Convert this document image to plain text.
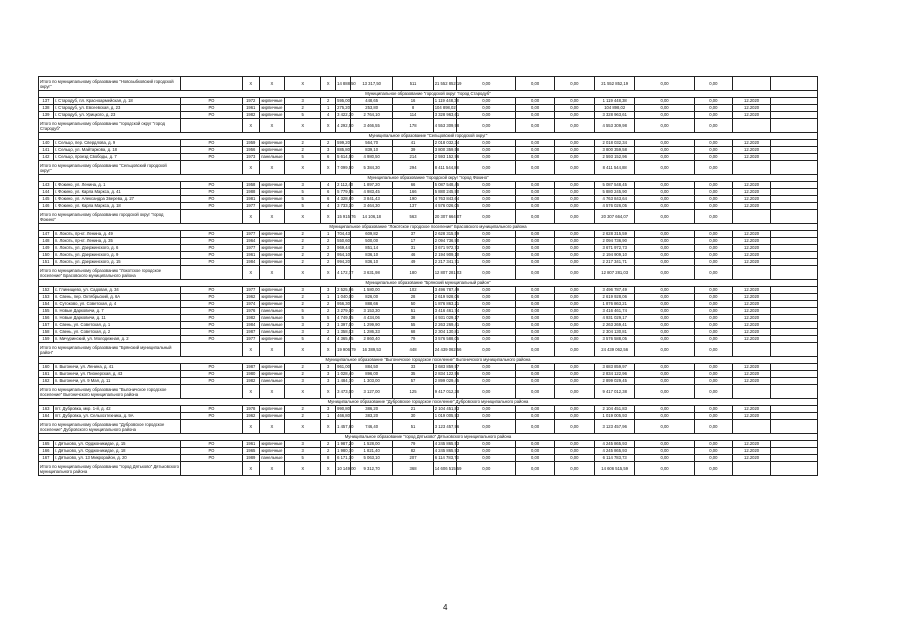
Итого по муниципальному образованию "Новозыбковский городской округ"			X	X	X	X	14 888,50	13 317,50	511	21 552 852,19	0,00	0,00	0,00	21 552 852,19	0,00	0,00		
Муниципальное образование "городской округ "город Стародуб"																		
137	г. Стародуб, пл. Красноармейская, д. 18	РО	1972	кирпичные	3	2	595,00	448,65	16	1 119 448,38	0,00	0,00	0,00	1 119 448,38	0,00	0,00	12.2020	
138	г. Стародуб, ул. Евсеевская, д. 23	РО	1961	кирпичные	2	1	275,20	253,80	8	104 898,02	0,00	0,00	0,00	104 898,02	0,00	0,00	12.2020	
139	г. Стародуб, ул. Урицкого, д. 23	РО	1982	кирпичные	5	4	3 422,30	2 764,10	114	3 328 963,61	0,00	0,00	0,00	3 328 963,61	0,00	0,00	12.2020	
Итого по муниципальному образованию "городской округ "город Стародуб"			X	X	X	X	4 292,50	3 466,55	178	4 553 309,98	0,00	0,00	0,00	4 553 309,98	0,00	0,00		
Муниципальное образование "Сельцовский городской округ"																		
140	г. Сельцо, пер. Свердлова, д. 9	РО	1959	кирпичные	2	2	599,20	564,70	41	2 018 032,34	0,00	0,00	0,00	2 018 032,34	0,00	0,00	12.2020	
141	г. Сельцо, ул. Майтаркова, д. 18	РО	1956	кирпичные	2	3	885,80	839,10	39	3 800 359,58	0,00	0,00	0,00	3 800 359,58	0,00	0,00	12.2020	
142	г. Сельцо, проезд Свободы, д. 7	РО	1973	панельные	5	6	5 614,50	4 980,50	214	2 593 152,96	0,00	0,00	0,00	2 593 152,96	0,00	0,00	12.2020	
Итого по муниципальному образованию "Сельцовский городской округ"			X	X	X	X	7 099,50	5 384,30	294	8 411 544,88	0,00	0,00	0,00	8 411 544,88	0,00	0,00		
Муниципальное образование "городской округ "город Фокино"																		
143	г. Фокино, ул. Ленина, д. 1	РО	1958	кирпичные	3	4	2 112,40	1 897,20	66	5 087 548,45	0,00	0,00	0,00	5 087 548,45	0,00	0,00	12.2020	
144	г. Фокино, ул. Карла Маркса, д. 41	РО	1988	кирпичные	5	6	5 779,95	4 983,45	166	5 880 245,90	0,00	0,00	0,00	5 880 245,90	0,00	0,00	12.2020	
145	г. Фокино, ул. Александра Зверева, д. 27	РО	1981	кирпичные	5	6	4 328,80	3 841,43	190	4 763 843,64	0,00	0,00	0,00	4 763 843,64	0,00	0,00	12.2020	
146	г. Фокино, ул. Карла Маркса, д. 18	РО	1977	кирпичные	5	4	3 733,10	3 464,30	137	4 576 026,05	0,00	0,00	0,00	4 576 026,05	0,00	0,00	12.2020	
Итого по муниципальному образованию городской округ "город Фокино"			X	X	X	X	15 915,76	14 106,18	563	20 307 664,07	0,00	0,00	0,00	20 307 664,07	0,00	0,00		
Муниципальное образование "Локотское городское поселение" Брасовского муниципального района																		
147	п. Локоть, пр-кт. Ленина, д. 49	РО	1977	кирпичные	2	1	704,43	609,82	37	2 628 315,59	0,00	0,00	0,00	2 628 315,59	0,00	0,00	12.2020	
148	п. Локоть, пр-кт. Ленина, д. 35	РО	1964	кирпичные	2	2	550,60	500,00	17	2 094 736,90	0,00	0,00	0,00	2 094 736,90	0,00	0,00	12.2020	
149	п. Локоть, ул. Дзержинского, д. 6	РО	1977	кирпичные	2	2	969,44	851,14	31	3 671 972,73	0,00	0,00	0,00	3 671 972,73	0,00	0,00	12.2020	
150	п. Локоть, ул. Дзержинского, д. 9	РО	1961	кирпичные	2	2	954,10	836,10	46	2 194 909,10	0,00	0,00	0,00	2 194 909,10	0,00	0,00	12.2020	
151	п. Локоть, ул. Дзержинского, д. 15	РО	1984	кирпичные	2	2	994,20	836,10	49	2 217 341,71	0,00	0,00	0,00	2 217 341,71	0,00	0,00	12.2020	
Итого по муниципальному образованию "Локотское городское поселение" Брасовского муниципального района			X	X	X	X	4 172,77	3 631,98	180	12 807 281,03	0,00	0,00	0,00	12 807 281,03	0,00	0,00		
Муниципальное образование "Брянский муниципальный район"																		
152	с. Глинищево, ул. Садовая, д. 34	РО	1977	кирпичные	3	3	2 525,96	1 580,00	102	3 496 787,49	0,00	0,00	0,00	3 496 787,49	0,00	0,00	12.2020	
153	п. Свень, пер. Октябрьский, д. 6А	РО	1962	кирпичные	2	1	1 040,00	826,00	28	2 619 928,06	0,00	0,00	0,00	2 619 928,06	0,00	0,00	12.2020	
154	п. Сутоково, ул. Советская, д. 4	РО	1974	кирпичные	2	2	956,30	888,66	50	1 876 863,21	0,00	0,00	0,00	1 876 863,21	0,00	0,00	12.2020	
155	п. Новые Дарковичи, д. 7	РО	1976	панельные	5	2	3 279,00	3 153,30	51	3 416 461,74	0,00	0,00	0,00	3 416 461,74	0,00	0,00	12.2020	
156	п. Новые Дарковичи, д. 11	РО	1982	панельные	5	5	4 749,55	4 434,06	38	4 931 029,17	0,00	0,00	0,00	4 931 029,17	0,00	0,00	12.2020	
157	п. Свень, ул. Советская, д. 1	РО	1984	панельные	3	2	1 397,00	1 299,90	55	2 263 269,41	0,00	0,00	0,00	2 263 269,41	0,00	0,00	12.2020	
158	п. Свень, ул. Советская, д. 2	РО	1987	панельные	3	2	1 358,03	1 286,33	68	2 304 130,81	0,00	0,00	0,00	2 304 130,81	0,00	0,00	12.2020	
159	п. Мичуринский, ул. Молодежная, д. 2	РО	1977	кирпичные	5	4	4 365,85	2 860,40	79	3 576 588,05	0,00	0,00	0,00	3 576 588,05	0,00	0,00	12.2020	
Итого по муниципальному образованию "Брянский муниципальный район"			X	X	X	X	19 906,79	16 389,53	448	24 439 062,56	0,00	0,00	0,00	24 439 062,56	0,00	0,00		
Муниципальное образование "Выгоничское городское поселение" Выгоничского муниципального района																		
160	п. Выгоничи, ул. Ленина, д. 41	РО	1987	кирпичные	2	3	961,00	884,50	33	3 683 859,97	0,00	0,00	0,00	3 683 859,97	0,00	0,00	12.2020	
161	п. Выгоничи, ул. Пионерская, д. 43	РО	1980	кирпичные	2	3	1 028,40	896,00	35	2 834 122,96	0,00	0,00	0,00	2 834 122,96	0,00	0,00	12.2020	
162	п. Выгоничи, ул. 9 Мая, д. 11	РО	1982	панельные	3	3	1 484,70	1 303,00	57	2 899 029,45	0,00	0,00	0,00	2 899 029,45	0,00	0,00	12.2020	
Итого по муниципальному образованию "Выгоничское городское поселение" Выгоничского муниципального района			X	X	X	X	3 473,00	3 127,00	125	9 417 012,38	0,00	0,00	0,00	9 417 012,38	0,00	0,00		
Муниципальное образование "Дубровское городское поселение" Дубровского муниципального района																		
163	пгт. Дубровка, мкр. 1-й, д. 42	РО	1978	кирпичные	2	3	990,80	386,20	21	2 104 451,83	0,00	0,00	0,00	2 104 451,83	0,00	0,00	12.2020	
164	пгт. Дубровка, ул. Сельхозтехника, д. 9А	РО	1962	кирпичные	2	1	466,80	383,20	30	1 019 005,93	0,00	0,00	0,00	1 019 005,93	0,00	0,00	12.2020	
Итого по муниципальному образованию "Дубровское городское поселение" Дубровского муниципального района			X	X	X	X	1 457,60	746,40	51	3 123 457,96	0,00	0,00	0,00	3 123 457,96	0,00	0,00		
Муниципальное образование "город Дятьково" Дятьковского муниципального района																		
165	г. Дятьково, ул. Орджоникидзе, д. 15	РО	1961	кирпичные	3	2	1 987,20	1 528,00	79	4 245 865,93	0,00	0,00	0,00	4 245 865,93	0,00	0,00	12.2020	
166	г. Дятьково, ул. Орджоникидзе, д. 18	РО	1965	кирпичные	3	2	1 980,70	1 821,40	82	4 245 865,93	0,00	0,00	0,00	4 245 865,93	0,00	0,00	12.2020	
167	г. Дятьково, ул. 13 Микрорайон, д. 20	РО	1989	панельные	5	8	6 171,10	5 063,10	207	6 114 783,73	0,00	0,00	0,00	6 114 783,73	0,00	0,00	12.2020	
Итого по муниципальному образованию "город Дятьково" Дятьковского муниципального района			X	X	X	X	10 149,00	9 312,70	368	14 606 515,59	0,00	0,00	0,00	14 606 515,59	0,00	0,00		
4
